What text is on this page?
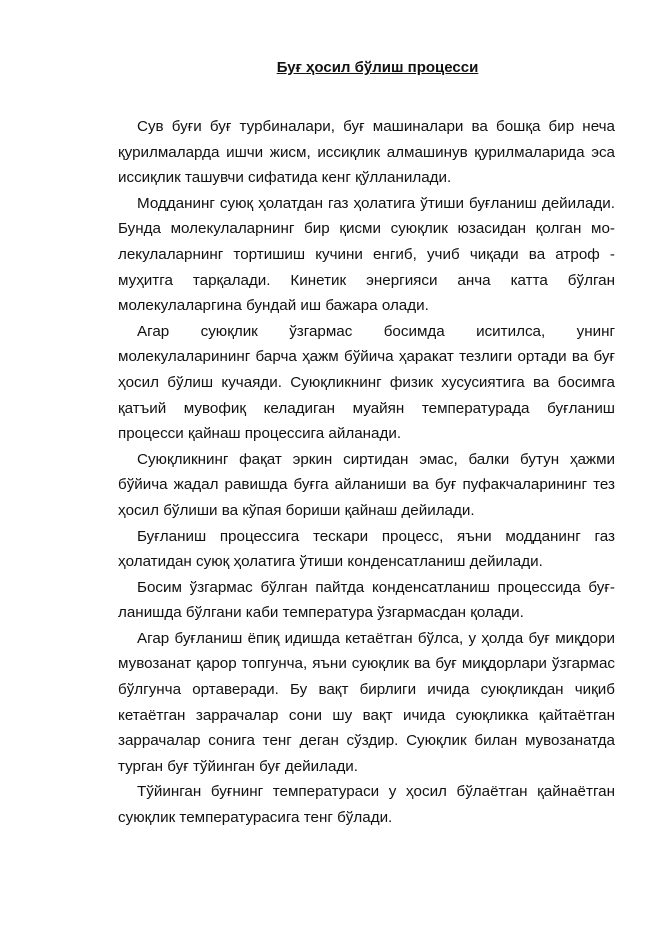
Буғ ҳосил бўлиш процесси

Сув буғи буғ турбиналари, буғ машиналари ва бошқа бир неча қурилмаларда ишчи жисм, иссиқлик алмашинув қурилмаларида эса иссиқлик ташувчи сифатида кенг қўлланилади.

Модданинг суюқ ҳолатдан газ ҳолатига ўтиши буғланиш дейилади. Бунда молекулаларнинг бир қисми суюқлик юзасидан қолган мо-лекулаларнинг тортишиш кучини енгиб, учиб чиқади ва атроф - муҳитга тарқалади. Кинетик энергияси анча катта бўлган молекулаларгина бундай иш бажара олади.

Агар суюқлик ўзгармас босимда иситилса, унинг молекулаларининг барча ҳажм бўйича ҳаракат тезлиги ортади ва буғ ҳосил бўлиш кучаяди. Суюқликнинг физик хусусиятига ва босимга қатъий мувофиқ келадиган муайян температурада буғланиш процесси қайнаш процессига айланади.

Суюқликнинг фақат эркин сиртидан эмас, балки бутун ҳажми бўйича жадал равишда буғга айланиши ва буғ пуфакчаларининг тез ҳосил бўлиши ва кўпая бориши қайнаш дейилади.

Буғланиш процессига тескари процесс, яъни модданинг газ ҳолатидан суюқ ҳолатига ўтиши конденсатланиш дейилади.

Босим ўзгармас бўлган пайтда конденсатланиш процессида буғ-ланишда бўлгани каби температура ўзгармасдан қолади.

Агар буғланиш ёпиқ идишда кетаётган бўлса, у ҳолда буғ миқдори мувозанат қарор топгунча, яъни суюқлик ва буғ миқдорлари ўзгармас бўлгунча ортаверади. Бу вақт бирлиги ичида суюқликдан чиқиб кетаётган заррачалар сони шу вақт ичида суюқликка қайтаётган заррачалар сонига тенг деган сўздир. Суюқлик билан мувозанатда турган буғ тўйинган буғ дейилади.

Тўйинган буғнинг температураси у ҳосил бўлаётган қайнаётган суюқлик температурасига тенг бўлади.
